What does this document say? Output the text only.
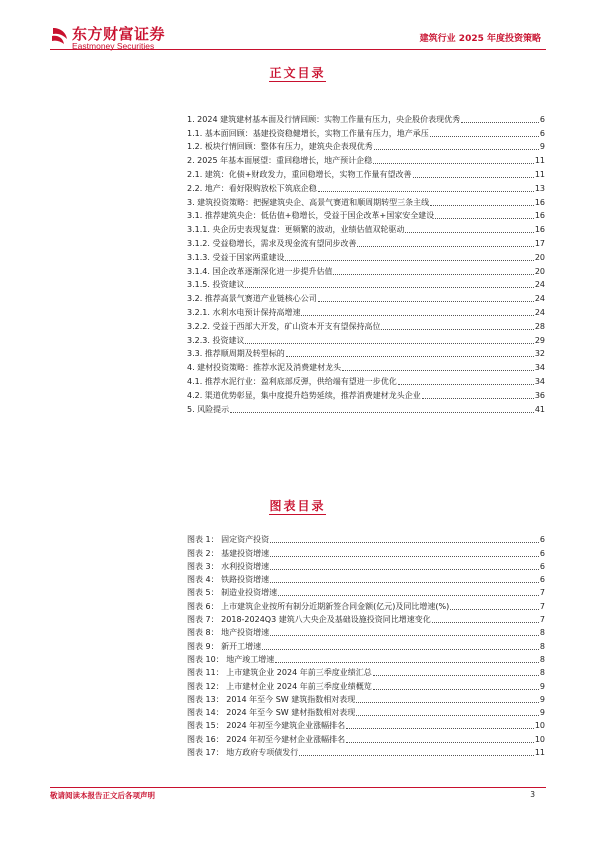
东方财富证券
Eastmoney Securities
建筑行业 2025 年度投资策略
正文目录
1. 2024 建筑建材基本面及行情回顾：实物工作量有压力，央企股价表现优秀	6
1.1. 基本面回顾：基建投资稳健增长，实物工作量有压力，地产承压	6
1.2. 板块行情回顾：整体有压力，建筑央企表现优秀	9
2. 2025 年基本面展望：重回稳增长，地产预计企稳	11
2.1. 建筑：化债+财政发力，重回稳增长，实物工作量有望改善	11
2.2. 地产：看好限购放松下筑底企稳	13
3. 建筑投资策略：把握建筑央企、高景气赛道和顺周期转型三条主线	16
3.1. 推荐建筑央企：低估值+稳增长，受益于国企改革+国家安全建设	16
3.1.1. 央企历史表现复盘：更频繁的波动，业绩估值双轮驱动	16
3.1.2. 受益稳增长，需求及现金流有望同步改善	17
3.1.3. 受益于国家两重建设	20
3.1.4. 国企改革逐渐深化进一步提升估值	20
3.1.5. 投资建议	24
3.2. 推荐高景气赛道产业链核心公司	24
3.2.1. 水利水电预计保持高增速	24
3.2.2. 受益于西部大开发，矿山资本开支有望保持高位	28
3.2.3. 投资建议	29
3.3. 推荐顺周期及转型标的	32
4. 建材投资策略：推荐水泥及消费建材龙头	34
4.1. 推荐水泥行业：盈利底部反弹，供给端有望进一步优化	34
4.2. 渠道优势彰显，集中度提升趋势延续，推荐消费建材龙头企业	36
5. 风险提示	41
图表目录
图表 1： 固定资产投资	6
图表 2： 基建投资增速	6
图表 3： 水利投资增速	6
图表 4： 铁路投资增速	6
图表 5： 制造业投资增速	7
图表 6： 上市建筑企业按所有制分近期新签合同金额(亿元)及同比增速(%)	7
图表 7： 2018-2024Q3 建筑八大央企及基础设施投资同比增速变化	7
图表 8： 地产投资增速	8
图表 9： 新开工增速	8
图表 10： 地产竣工增速	8
图表 11： 上市建筑企业 2024 年前三季度业绩汇总	8
图表 12： 上市建材企业 2024 年前三季度业绩概览	9
图表 13： 2014 年至今 SW 建筑指数相对表现	9
图表 14： 2024 年至今 SW 建材指数相对表现	9
图表 15： 2024 年初至今建筑企业涨幅排名	10
图表 16： 2024 年初至今建材企业涨幅排名	10
图表 17： 地方政府专项债发行	11
敬请阅读本报告正文后各项声明	3
